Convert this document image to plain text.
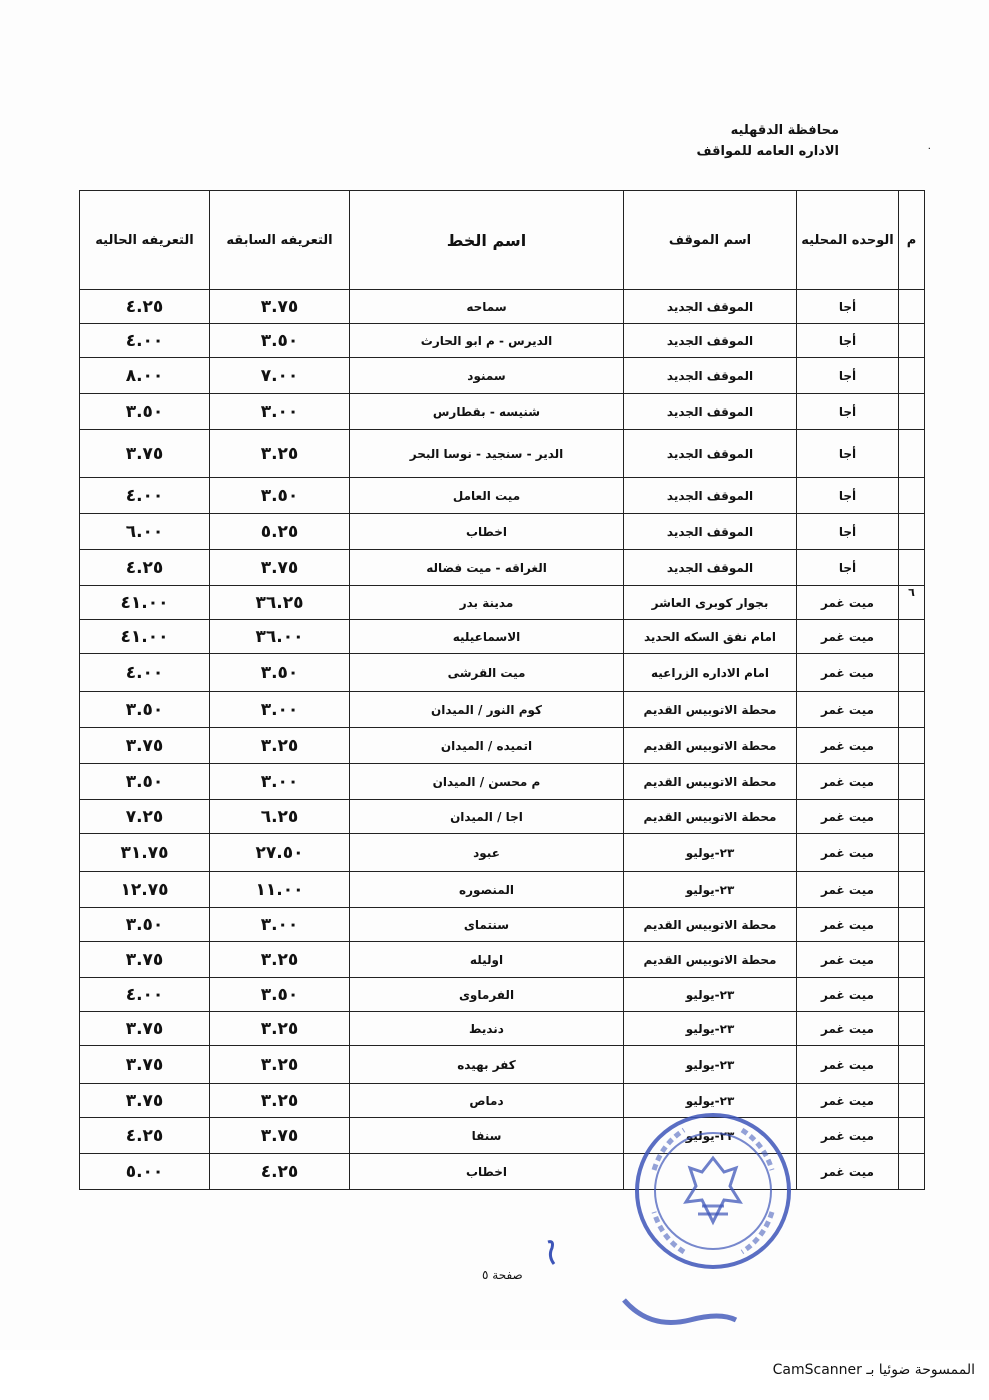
محافظة الدقهليه
الاداره العامه للمواقف	٠
م	الوحده المحليه	اسم الموقف	اسم الخط	التعريفه السابقه	التعريفه الحاليه
	أجا	الموقف الجديد	سماحه	٣.٧٥	٤.٢٥
	أجا	الموقف الجديد	الديرس - م ابو الحارث	٣.٥٠	٤.٠٠
	أجا	الموقف الجديد	سمنود	٧.٠٠	٨.٠٠
	أجا	الموقف الجديد	شنيسه - بقطارس	٣.٠٠	٣.٥٠
	أجا	الموقف الجديد	الدير - سنجيد - نوسا البحر	٣.٢٥	٣.٧٥
	أجا	الموقف الجديد	ميت العامل	٣.٥٠	٤.٠٠
	أجا	الموقف الجديد	اخطاب	٥.٢٥	٦.٠٠
	أجا	الموقف الجديد	الغراقه - ميت فضاله	٣.٧٥	٤.٢٥
٦	ميت غمر	بجوار كوبرى العاشر	مدينة بدر	٣٦.٢٥	٤١.٠٠
	ميت غمر	امام نفق السكه الحديد	الاسماعيليه	٣٦.٠٠	٤١.٠٠
	ميت غمر	امام الاداره الزراعيه	ميت القرشى	٣.٥٠	٤.٠٠
	ميت غمر	محطة الاتوبيس القديم	كوم النور / الميدان	٣.٠٠	٣.٥٠
	ميت غمر	محطة الاتوبيس القديم	اتميده / الميدان	٣.٢٥	٣.٧٥
	ميت غمر	محطة الاتوبيس القديم	م محسن / الميدان	٣.٠٠	٣.٥٠
	ميت غمر	محطة الاتوبيس القديم	اجا / الميدان	٦.٢٥	٧.٢٥
	ميت غمر	٢٣-يوليو	عبود	٢٧.٥٠	٣١.٧٥
	ميت غمر	٢٣-يوليو	المنصوره	١١.٠٠	١٢.٧٥
	ميت غمر	محطة الاتوبيس القديم	سنتماى	٣.٠٠	٣.٥٠
	ميت غمر	محطة الاتوبيس القديم	اوليله	٣.٢٥	٣.٧٥
	ميت غمر	٢٣-يوليو	الفرماوى	٣.٥٠	٤.٠٠
	ميت غمر	٢٣-يوليو	دنديط	٣.٢٥	٣.٧٥
	ميت غمر	٢٣-يوليو	كفر بهيده	٣.٢٥	٣.٧٥
	ميت غمر	٢٣-يوليو	دماص	٣.٢٥	٣.٧٥
	ميت غمر	٢٣-يوليو	سنفا	٣.٧٥	٤.٢٥
	ميت غمر		اخطاب	٤.٢٥	٥.٠٠
صفحة ٥
الممسوحة ضوئيا بـ CamScanner
